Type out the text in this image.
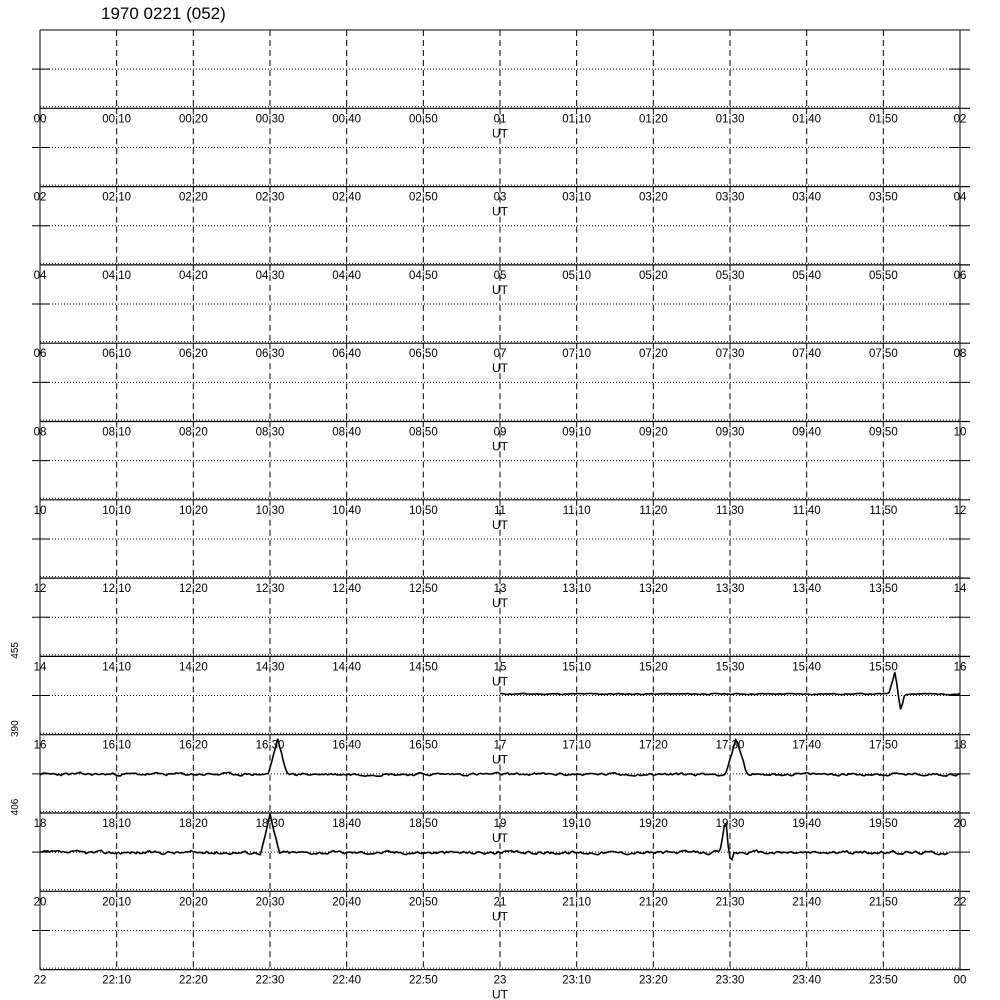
1970 0221 (052)
00	00:10	00:20	00:30	00:40	00:50	01	01:10	01:20	01:30	01:40	01:50	02
UT
02	02:10	02:20	02:30	02:40	02:50	03	03:10	03:20	03:30	03:40	03:50	04
UT
04	04:10	04:20	04:30	04:40	04:50	05	05:10	05:20	05:30	05:40	05:50	06
UT
06	06:10	06:20	06:30	06:40	06:50	07	07:10	07:20	07:30	07:40	07:50	08
UT
08	08:10	08:20	08:30	08:40	08:50	09	09:10	09:20	09:30	09:40	09:50	10
UT
10	10:10	10:20	10:30	10:40	10:50	11	11:10	11:20	11:30	11:40	11:50	12
UT
12	12:10	12:20	12:30	12:40	12:50	13	13:10	13:20	13:30	13:40	13:50	14
UT
14	14:10	14:20	14:30	14:40	14:50	15	15:10	15:20	15:30	15:40	15:50	16
UT
455
16	16:10	16:20	16:30	16:40	16:50	17	17:10	17:20	17:30	17:40	17:50	18
UT
390
18	18:10	18:20	18:30	18:40	18:50	19	19:10	19:20	19:30	19:40	19:50	20
UT
406
20	20:10	20:20	20:30	20:40	20:50	21	21:10	21:20	21:30	21:40	21:50	22
UT
22	22:10	22:20	22:30	22:40	22:50	23	23:10	23:20	23:30	23:40	23:50	00
UT
